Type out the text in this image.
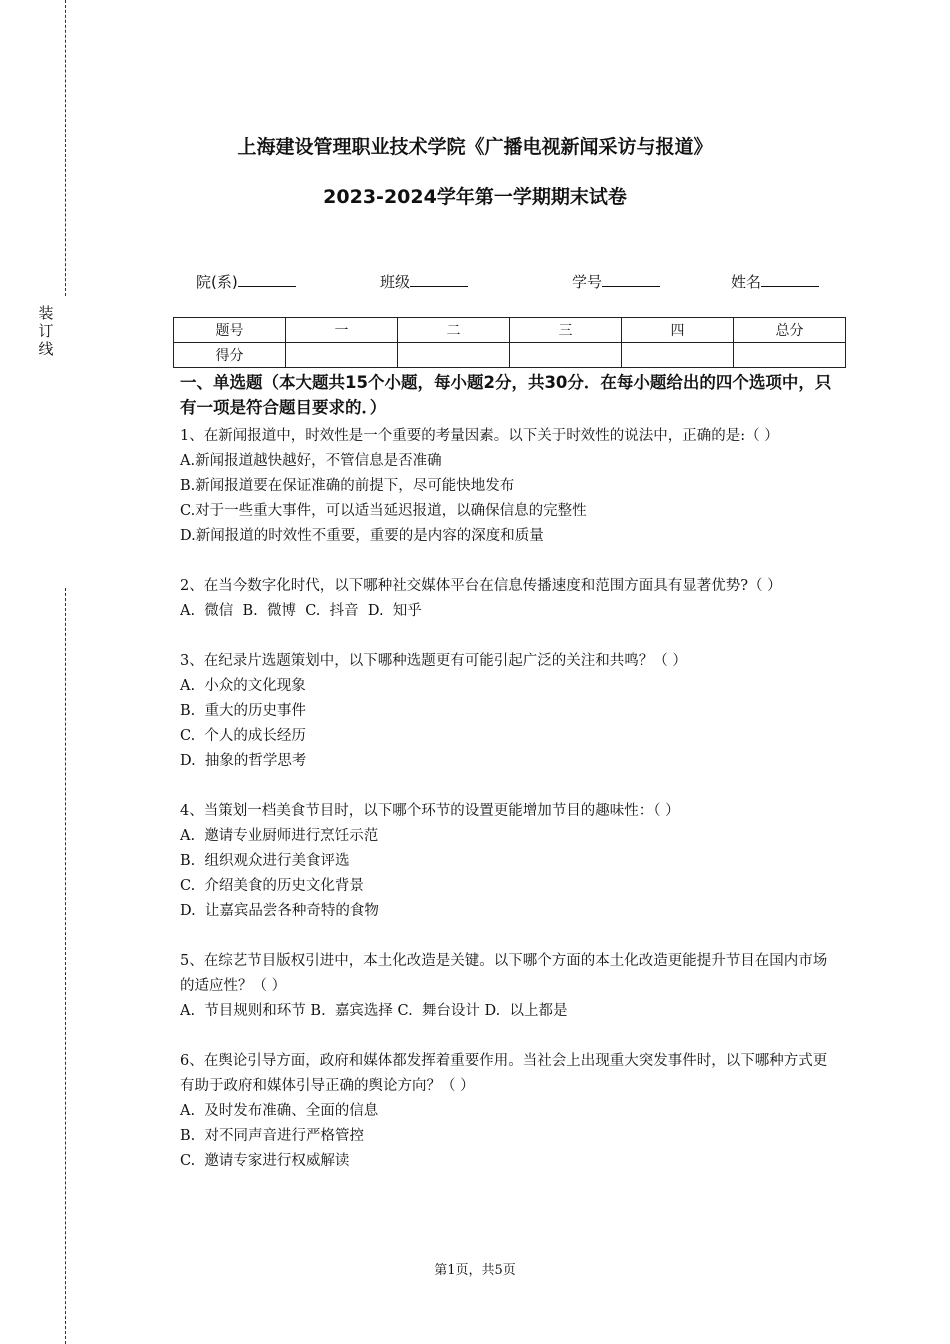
装
订
线
上海建设管理职业技术学院《广播电视新闻采访与报道》
2023-2024学年第一学期期末试卷
院(系)	班级	学号	姓名
题号	一	二	三	四	总分
得分					
一、单选题（本大题共15个小题，每小题2分，共30分．在每小题给出的四个选项中，只有一项是符合题目要求的．）
1、在新闻报道中，时效性是一个重要的考量因素。以下关于时效性的说法中，正确的是:（ ）
A.新闻报道越快越好，不管信息是否准确
B.新闻报道要在保证准确的前提下，尽可能快地发布
C.对于一些重大事件，可以适当延迟报道，以确保信息的完整性
D.新闻报道的时效性不重要，重要的是内容的深度和质量
2、在当今数字化时代，以下哪种社交媒体平台在信息传播速度和范围方面具有显著优势?（ ）
A.  微信  B.  微博  C.  抖音  D.  知乎
3、在纪录片选题策划中，以下哪种选题更有可能引起广泛的关注和共鸣？（ ）
A.  小众的文化现象
B.  重大的历史事件
C.  个人的成长经历
D.  抽象的哲学思考
4、当策划一档美食节目时，以下哪个环节的设置更能增加节目的趣味性：（ ）
A.  邀请专业厨师进行烹饪示范
B.  组织观众进行美食评选
C.  介绍美食的历史文化背景
D.  让嘉宾品尝各种奇特的食物
5、在综艺节目版权引进中，本土化改造是关键。以下哪个方面的本土化改造更能提升节目在国内市场的适应性？（ ）
A.  节目规则和环节 B.  嘉宾选择 C.  舞台设计 D.  以上都是
6、在舆论引导方面，政府和媒体都发挥着重要作用。当社会上出现重大突发事件时，以下哪种方式更有助于政府和媒体引导正确的舆论方向？（ ）
A.  及时发布准确、全面的信息
B.  对不同声音进行严格管控
C.  邀请专家进行权威解读
第1页，共5页
